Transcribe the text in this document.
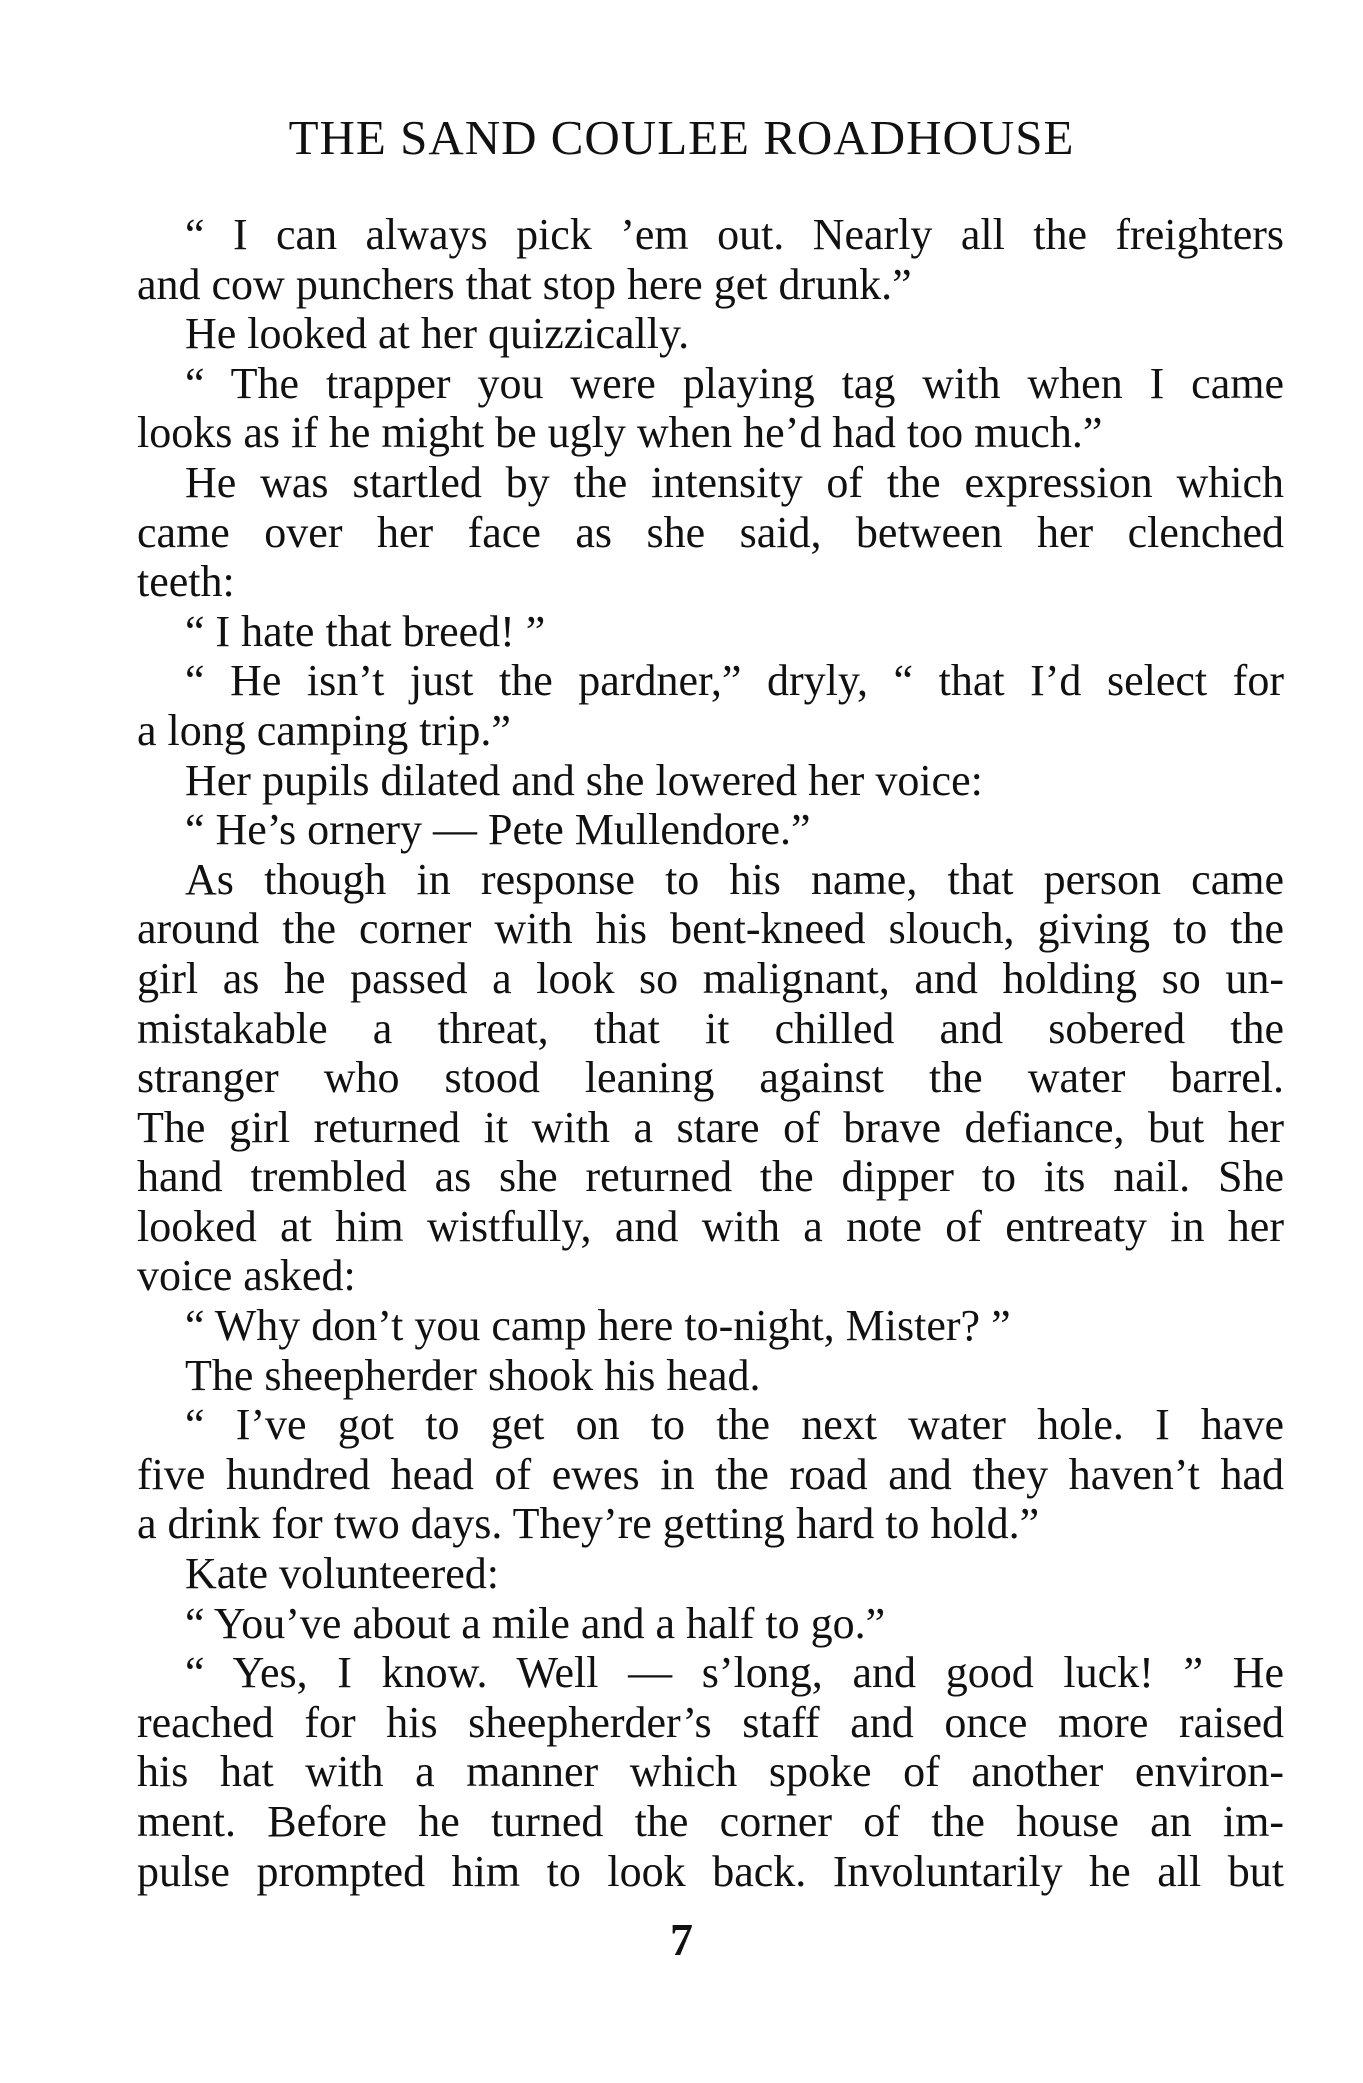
THE SAND COULEE ROADHOUSE
“ I can always pick ’em out. Nearly all the freighters
and cow punchers that stop here get drunk.”
He looked at her quizzically.
“ The trapper you were playing tag with when I came
looks as if he might be ugly when he’d had too much.”
He was startled by the intensity of the expression which
came over her face as she said, between her clenched
teeth:
“ I hate that breed! ”
“ He isn’t just the pardner,” dryly, “ that I’d select for
a long camping trip.”
Her pupils dilated and she lowered her voice:
“ He’s ornery — Pete Mullendore.”
As though in response to his name, that person came
around the corner with his bent-kneed slouch, giving to the
girl as he passed a look so malignant, and holding so un-
mistakable a threat, that it chilled and sobered the
stranger who stood leaning against the water barrel.
The girl returned it with a stare of brave defiance, but her
hand trembled as she returned the dipper to its nail. She
looked at him wistfully, and with a note of entreaty in her
voice asked:
“ Why don’t you camp here to-night, Mister? ”
The sheepherder shook his head.
“ I’ve got to get on to the next water hole. I have
five hundred head of ewes in the road and they haven’t had
a drink for two days. They’re getting hard to hold.”
Kate volunteered:
“ You’ve about a mile and a half to go.”
“ Yes, I know. Well — s’long, and good luck! ” He
reached for his sheepherder’s staff and once more raised
his hat with a manner which spoke of another environ-
ment. Before he turned the corner of the house an im-
pulse prompted him to look back. Involuntarily he all but
7
